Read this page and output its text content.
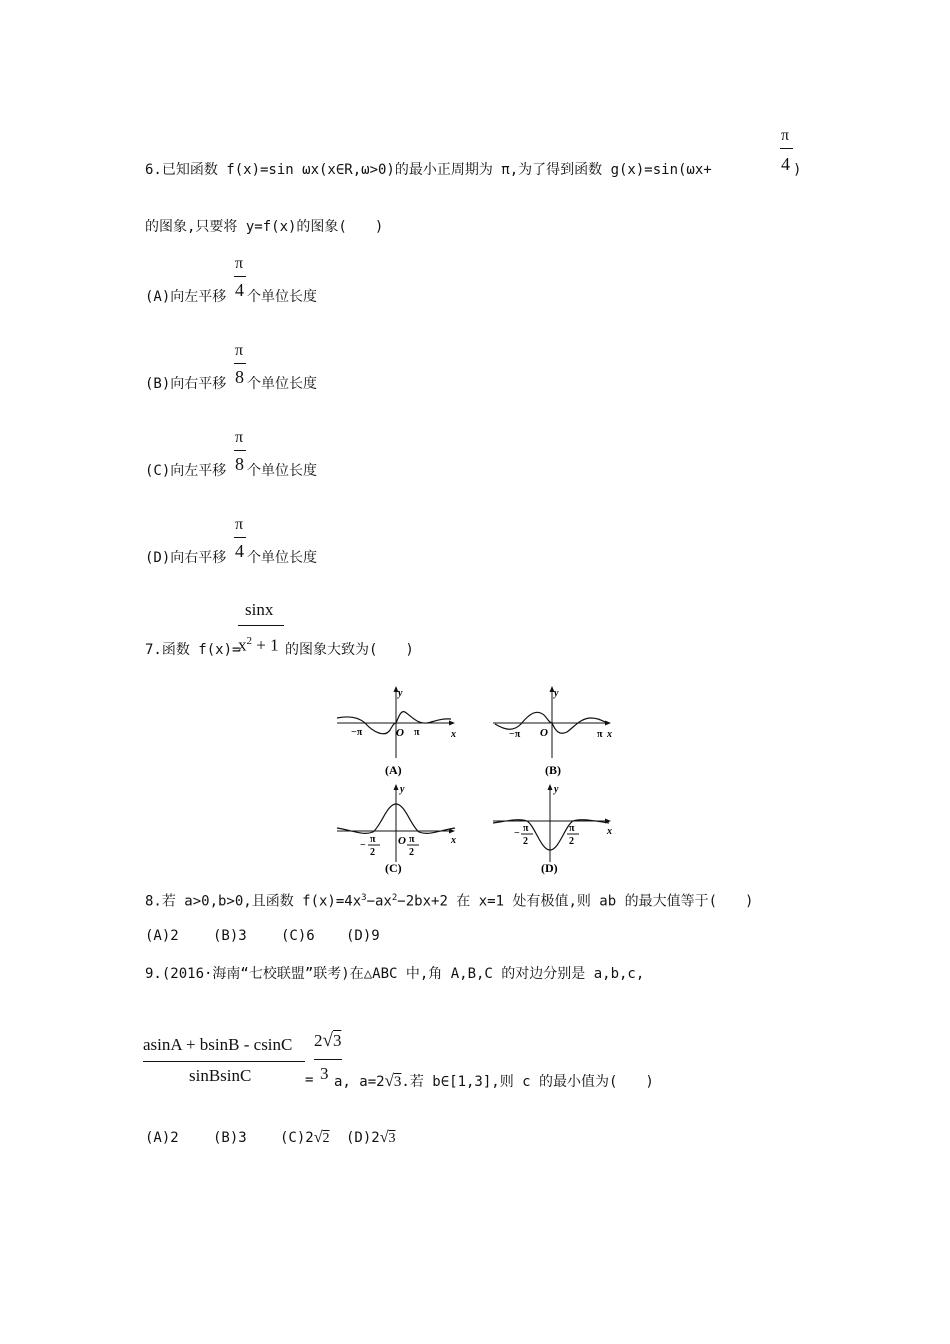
π
4
6.已知函数 f(x)=sin ωx(x∈R,ω>0)的最小正周期为 π,为了得到函数 g(x)=sin(ωx+	)
的图象,只要将 y=f(x)的图象(　　)
π
4
(A)向左平移 个单位长度
π
8
(B)向右平移 个单位长度
π
8
(C)向左平移 个单位长度
π
4
(D)向右平移 个单位长度
sinx
$x^2 + 1$
7.函数 f(x)=	的图象大致为(　　)
y
x
O
−π	π
(A)
y
x
O
−π	π
(B)
y
x
O
−
π
2
π
2
(C)
y
x
− π
2
π
2
(D)
8.若 a>0,b>0,且函数 $f(x)=4x^3-ax^2-2bx+2$ 在 x=1 处有极值,则 ab 的最大值等于(　　)
(A)2 (B)3 (C)6 (D)9
9.(2016·海南“七校联盟”联考)在△ABC 中,角 A,B,C 的对边分别是 a,b,c,
asinA + bsinB - csinC
sinBsinC	=
2√3
3 a, a=2√3.若 b∈[1,3],则 c 的最小值为(　　)
(A)2 (B)3 (C)2√2 (D)2√3
